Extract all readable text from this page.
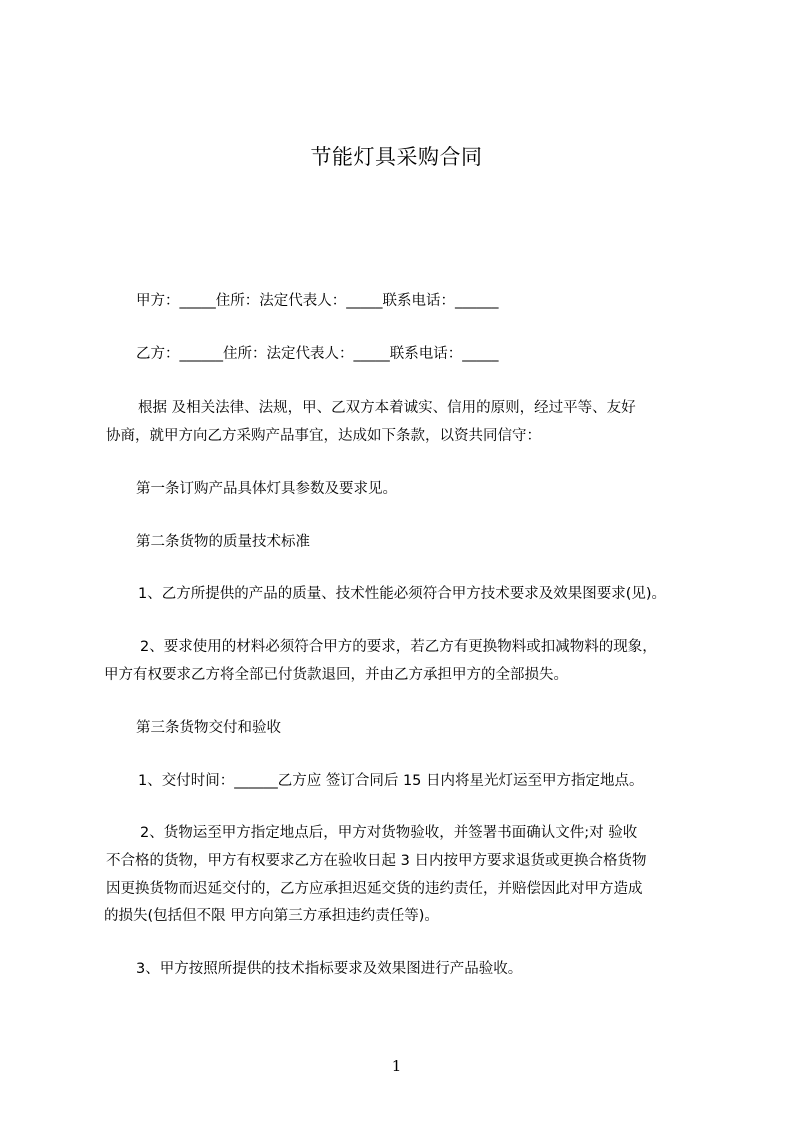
节能灯具采购合同
甲方：_____住所：法定代表人：_____联系电话：______
乙方：______住所：法定代表人：_____联系电话：_____
根据 及相关法律、法规，甲、乙双方本着诚实、信用的原则，经过平等、友好
协商，就甲方向乙方采购产品事宜，达成如下条款，以资共同信守：
第一条订购产品具体灯具参数及要求见。
第二条货物的质量技术标准
1、乙方所提供的产品的质量、技术性能必须符合甲方技术要求及效果图要求(见)。
2、要求使用的材料必须符合甲方的要求，若乙方有更换物料或扣减物料的现象，
甲方有权要求乙方将全部已付货款退回，并由乙方承担甲方的全部损失。
第三条货物交付和验收
1、交付时间：______乙方应 签订合同后 15 日内将星光灯运至甲方指定地点。
2、货物运至甲方指定地点后，甲方对货物验收，并签署书面确认文件;对 验收
不合格的货物，甲方有权要求乙方在验收日起 3 日内按甲方要求退货或更换合格货物
因更换货物而迟延交付的，乙方应承担迟延交货的违约责任，并赔偿因此对甲方造成
的损失(包括但不限 甲方向第三方承担违约责任等)。
3、甲方按照所提供的技术指标要求及效果图进行产品验收。
1
